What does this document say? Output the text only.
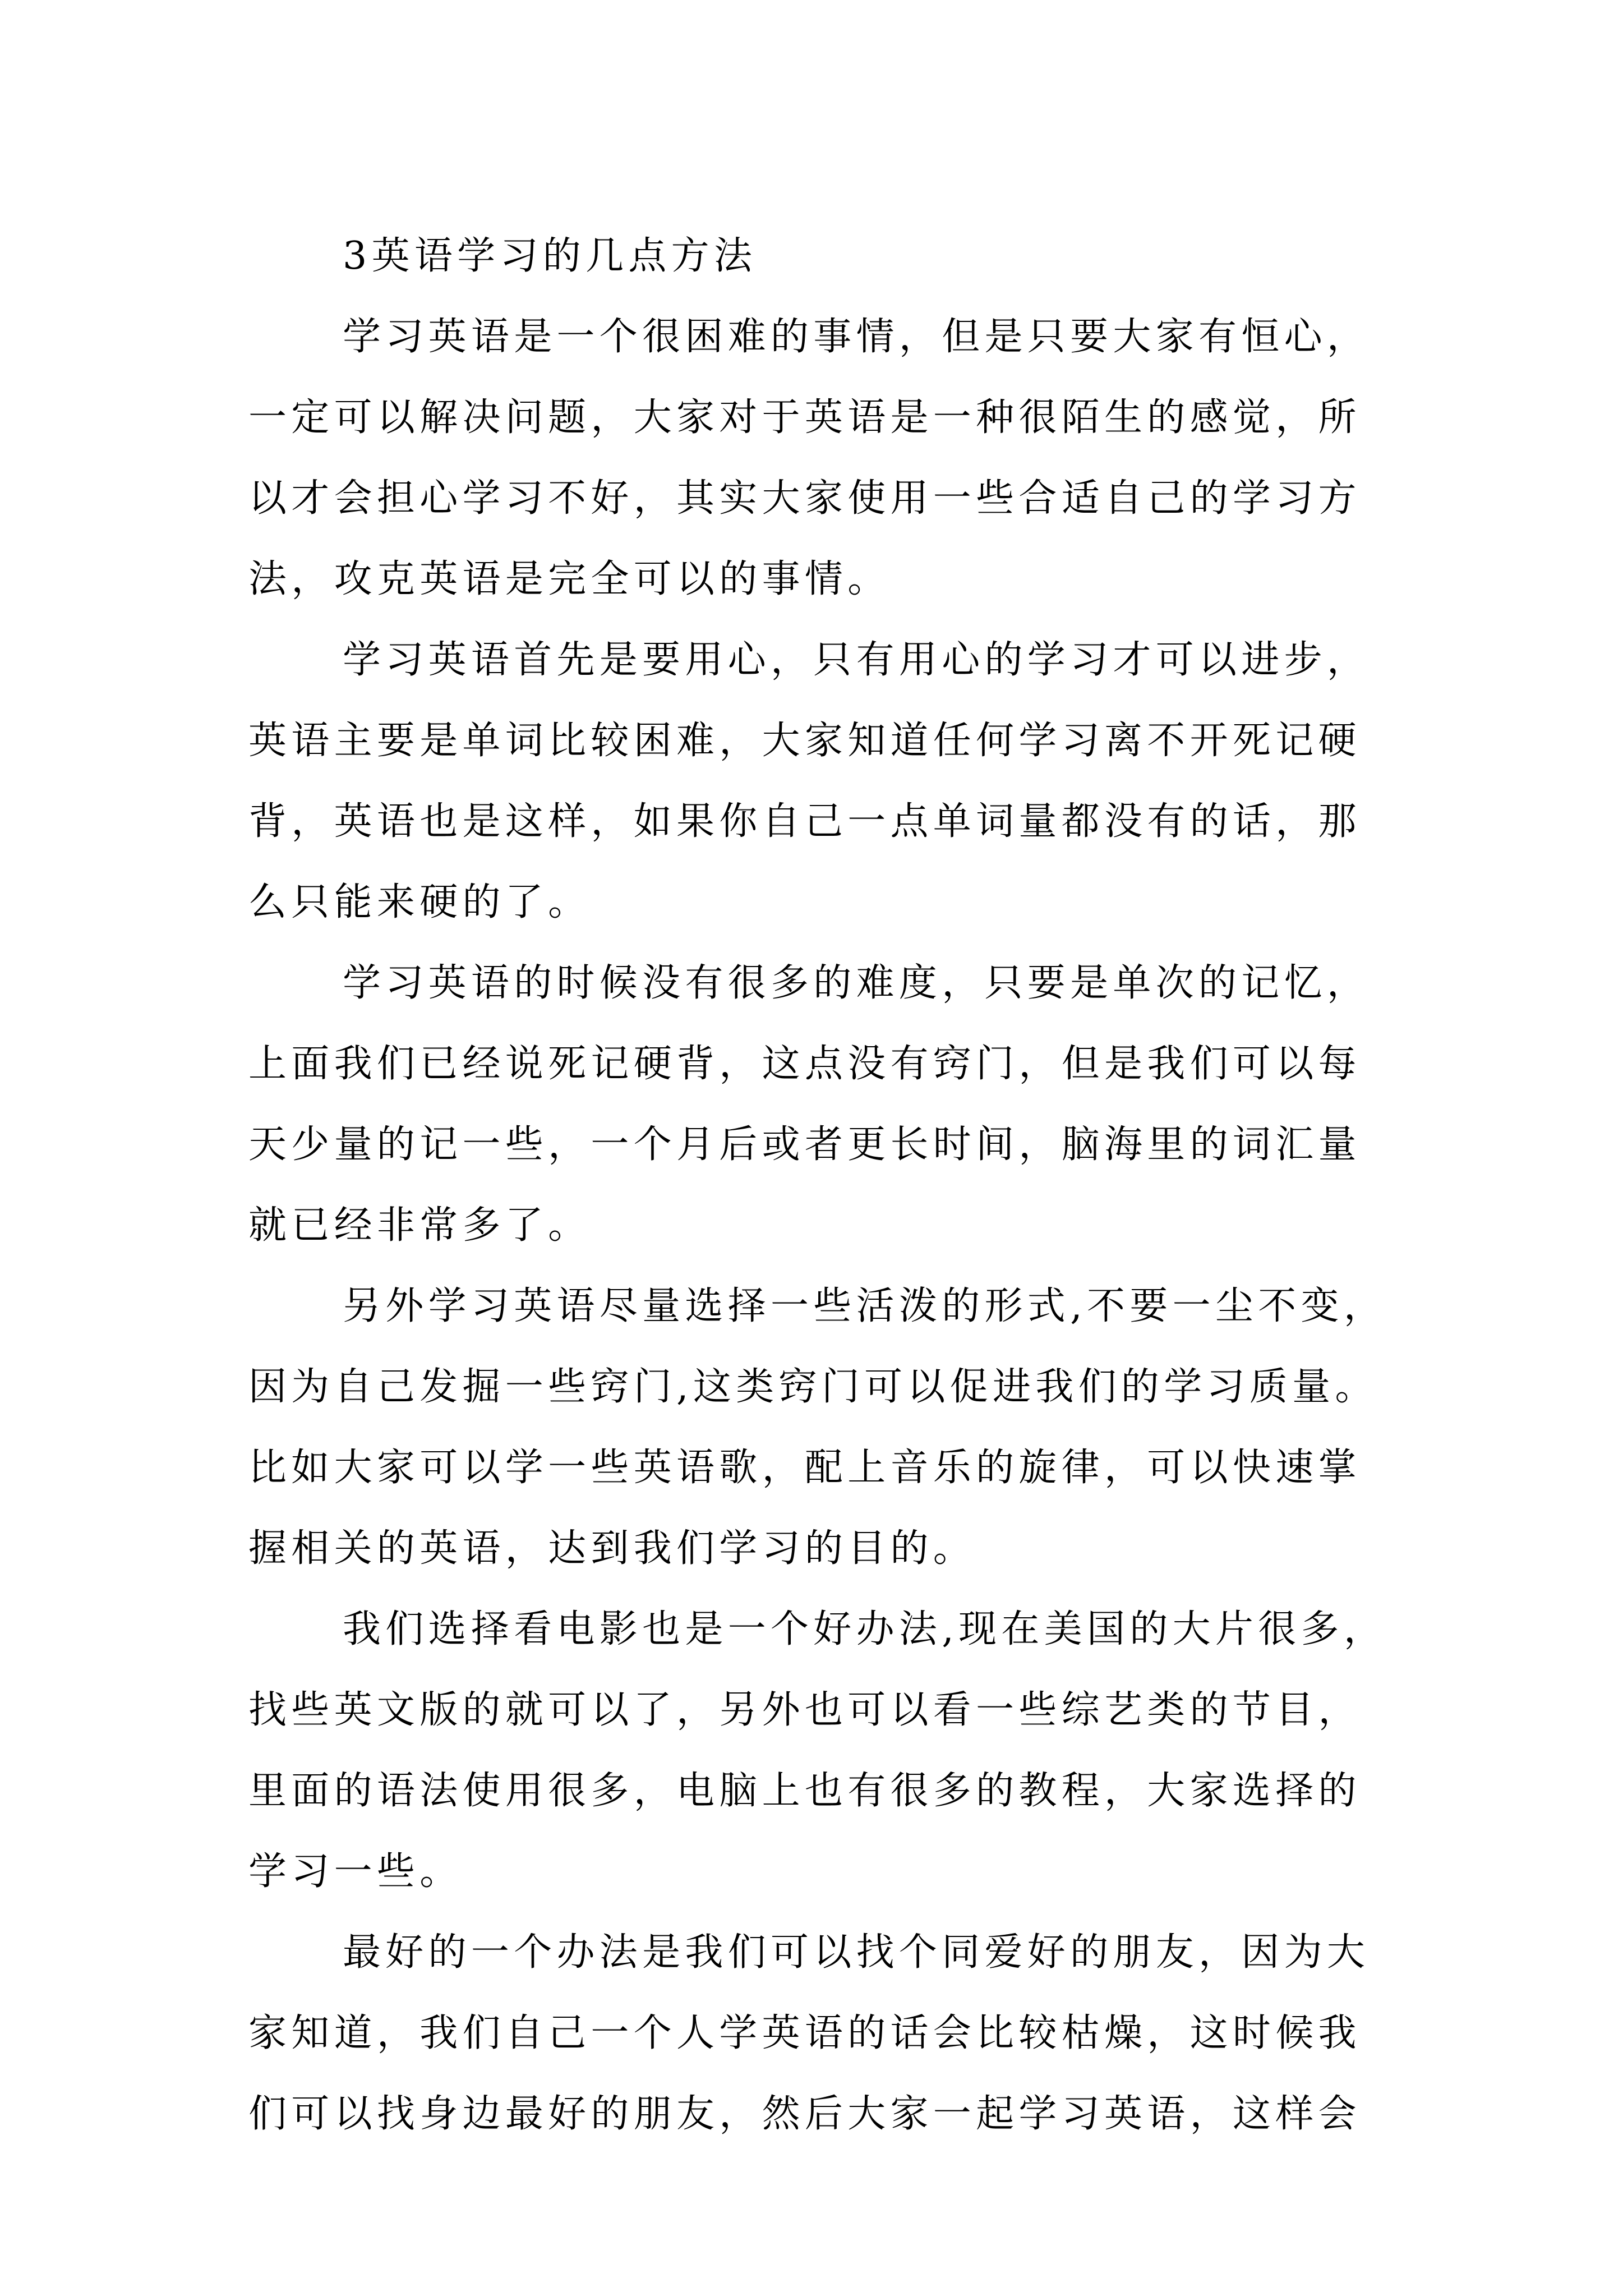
3英语学习的几点方法
学习英语是一个很困难的事情，但是只要大家有恒心，
一定可以解决问题，大家对于英语是一种很陌生的感觉，所
以才会担心学习不好，其实大家使用一些合适自己的学习方
法，攻克英语是完全可以的事情。
学习英语首先是要用心，只有用心的学习才可以进步，
英语主要是单词比较困难，大家知道任何学习离不开死记硬
背，英语也是这样，如果你自己一点单词量都没有的话，那
么只能来硬的了。
学习英语的时候没有很多的难度，只要是单次的记忆，
上面我们已经说死记硬背，这点没有窍门，但是我们可以每
天少量的记一些，一个月后或者更长时间，脑海里的词汇量
就已经非常多了。
另外学习英语尽量选择一些活泼的形式,不要一尘不变，
因为自己发掘一些窍门,这类窍门可以促进我们的学习质量。
比如大家可以学一些英语歌，配上音乐的旋律，可以快速掌
握相关的英语，达到我们学习的目的。
我们选择看电影也是一个好办法,现在美国的大片很多，
找些英文版的就可以了，另外也可以看一些综艺类的节目，
里面的语法使用很多，电脑上也有很多的教程，大家选择的
学习一些。
最好的一个办法是我们可以找个同爱好的朋友，因为大
家知道，我们自己一个人学英语的话会比较枯燥，这时候我
们可以找身边最好的朋友，然后大家一起学习英语，这样会
